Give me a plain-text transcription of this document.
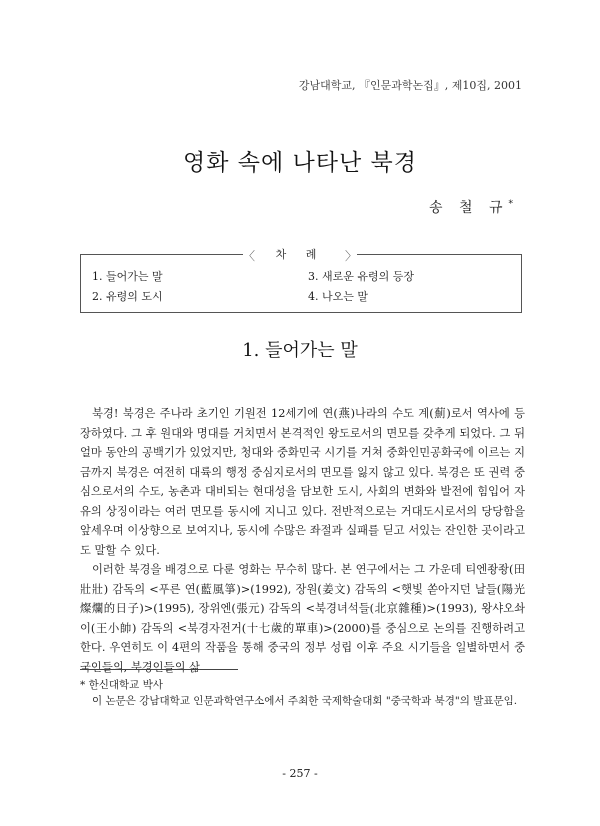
강남대학교, 『인문과학논집』, 제10집, 2001
영화 속에 나타난 북경
송 철 규*
〈	차 례	〉
1. 들어가는 말
2. 유령의 도시
3. 새로운 유령의 등장
4. 나오는 말
1. 들어가는 말

북경! 북경은 주나라 초기인 기원전 12세기에 연(燕)나라의 수도 계(薊)로서 역사에 등장하였다. 그 후 원대와 명대를 거치면서 본격적인 왕도로서의 면모를 갖추게 되었다. 그 뒤 얼마 동안의 공백기가 있었지만, 청대와 중화민국 시기를 거쳐 중화인민공화국에 이르는 지금까지 북경은 여전히 대륙의 행정 중심지로서의 면모를 잃지 않고 있다. 북경은 또 권력 중심으로서의 수도, 농촌과 대비되는 현대성을 담보한 도시, 사회의 변화와 발전에 힘입어 자유의 상징이라는 여러 면모를 동시에 지니고 있다. 전반적으로는 거대도시로서의 당당함을 앞세우며 이상향으로 보여지나, 동시에 수많은 좌절과 실패를 딛고 서있는 잔인한 곳이라고도 말할 수 있다.

이러한 북경을 배경으로 다룬 영화는 무수히 많다. 본 연구에서는 그 가운데 티엔좡좡(田壯壯) 감독의 <푸른 연(藍風箏)>(1992), 장원(姜文) 감독의 <햇빛 쏟아지던 날들(陽光燦爛的日子)>(1995), 장위엔(張元) 감독의 <북경녀석들(北京雜種)>(1993), 왕샤오솨이(王小帥) 감독의 <북경자전거(十七歲的單車)>(2000)를 중심으로 논의를 진행하려고 한다. 우연히도 이 4편의 작품을 통해 중국의 정부 성립 이후 주요 시기들을 일별하면서 중국인들의, 북경인들의 삶

* 한신대학교 박사

이 논문은 강남대학교 인문과학연구소에서 주최한 국제학술대회 "중국학과 북경"의 발표문임.

- 257 -
